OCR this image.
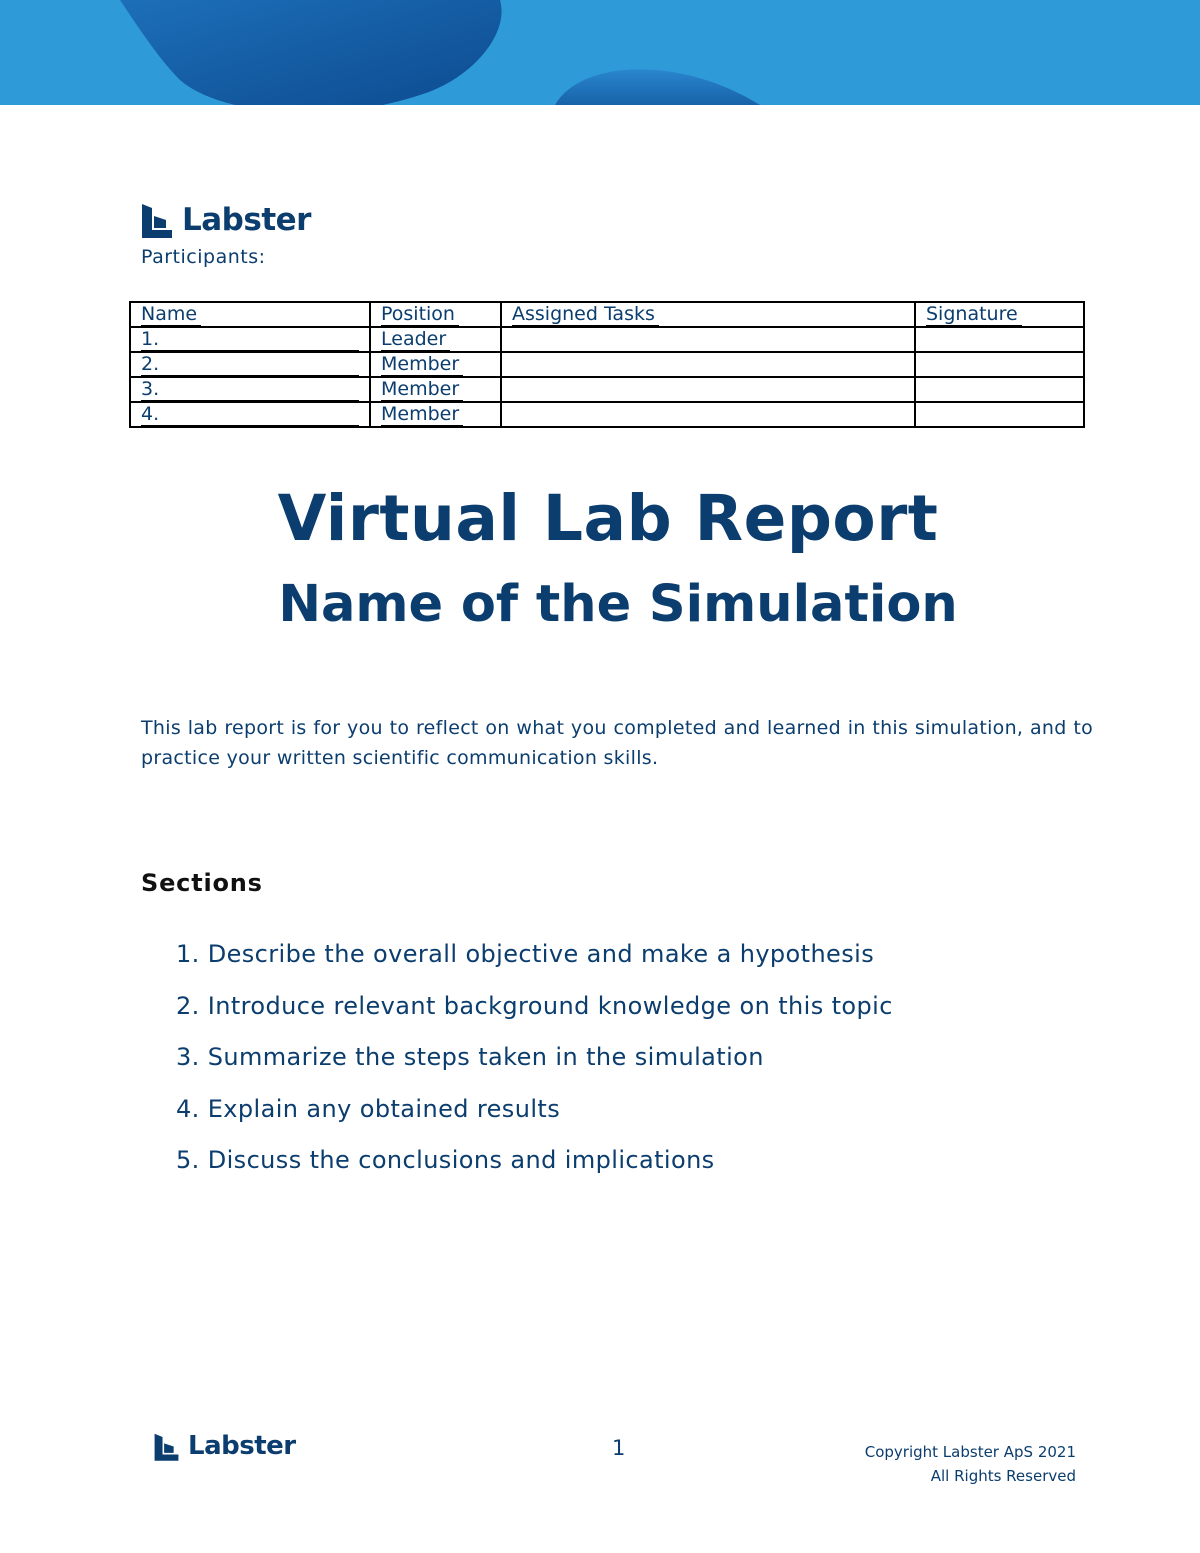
Labster
Participants:
Name	Position	Assigned Tasks	Signature
1.	Leader		
2.	Member		
3.	Member		
4.	Member		
Virtual Lab Report
Name of the Simulation

This lab report is for you to reflect on what you completed and learned in this simulation, and to practice your written scientific communication skills.

Sections
1. Describe the overall objective and make a hypothesis
2. Introduce relevant background knowledge on this topic
3. Summarize the steps taken in the simulation
4. Explain any obtained results
5. Discuss the conclusions and implications
Labster	1	Copyright Labster ApS 2021
All Rights Reserved
